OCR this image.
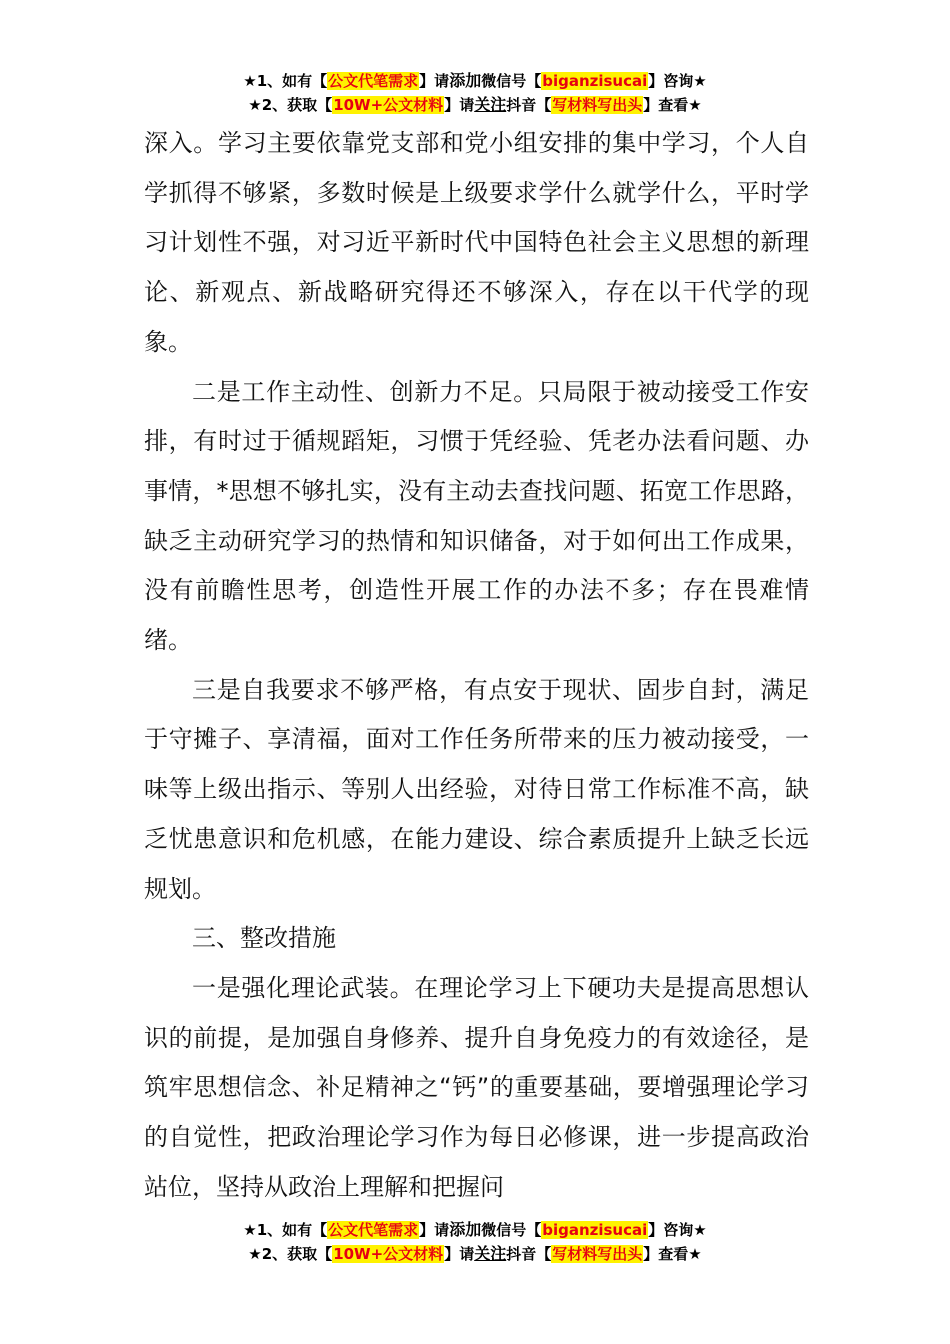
★1、如有【公文代笔需求】请添加微信号【biganzisucai】咨询★
★2、获取【10W+公文材料】请关注抖音【写材料写出头】查看★

深入。学习主要依靠党支部和党小组安排的集中学习，个人自学抓得不够紧，多数时候是上级要求学什么就学什么，平时学习计划性不强，对习近平新时代中国特色社会主义思想的新理论、新观点、新战略研究得还不够深入，存在以干代学的现象。

二是工作主动性、创新力不足。只局限于被动接受工作安排，有时过于循规蹈矩，习惯于凭经验、凭老办法看问题、办事情，*思想不够扎实，没有主动去查找问题、拓宽工作思路，缺乏主动研究学习的热情和知识储备，对于如何出工作成果，没有前瞻性思考，创造性开展工作的办法不多；存在畏难情绪。

三是自我要求不够严格，有点安于现状、固步自封，满足于守摊子、享清福，面对工作任务所带来的压力被动接受，一味等上级出指示、等别人出经验，对待日常工作标准不高，缺乏忧患意识和危机感，在能力建设、综合素质提升上缺乏长远规划。

三、整改措施

一是强化理论武装。在理论学习上下硬功夫是提高思想认识的前提，是加强自身修养、提升自身免疫力的有效途径，是筑牢思想信念、补足精神之“钙”的重要基础，要增强理论学习的自觉性，把政治理论学习作为每日必修课，进一步提高政治站位，坚持从政治上理解和把握问

★1、如有【公文代笔需求】请添加微信号【biganzisucai】咨询★
★2、获取【10W+公文材料】请关注抖音【写材料写出头】查看★
